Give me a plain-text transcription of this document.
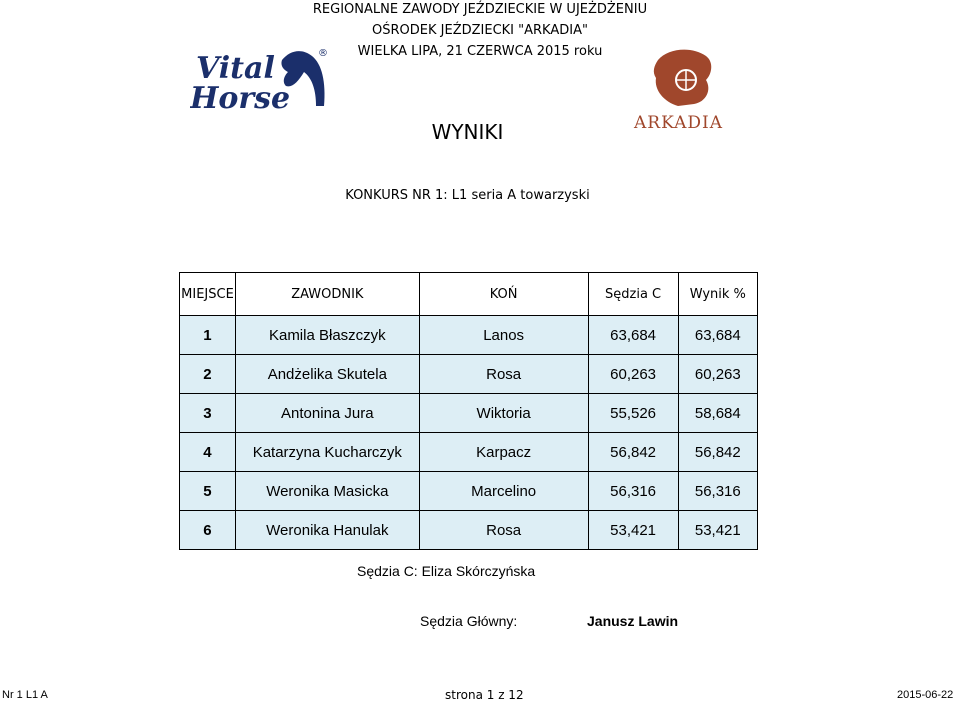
REGIONALNE ZAWODY JEŹDZIECKIE W UJEŻDŻENIU
OŚRODEK JEŹDZIECKI "ARKADIA"
WIELKA LIPA, 21 CZERWCA 2015 roku
Vital
Horse
®
ARKADIA
WYNIKI
KONKURS NR 1: L1 seria A towarzyski
MIEJSCE	ZAWODNIK	KOŃ	Sędzia C	Wynik %
1	Kamila Błaszczyk	Lanos	63,684	63,684
2	Andżelika Skutela	Rosa	60,263	60,263
3	Antonina Jura	Wiktoria	55,526	58,684
4	Katarzyna Kucharczyk	Karpacz	56,842	56,842
5	Weronika Masicka	Marcelino	56,316	56,316
6	Weronika Hanulak	Rosa	53,421	53,421
Sędzia C: Eliza Skórczyńska
Sędzia Główny:	Janusz Lawin
Nr 1 L1 A	strona 1 z 12	2015-06-22
